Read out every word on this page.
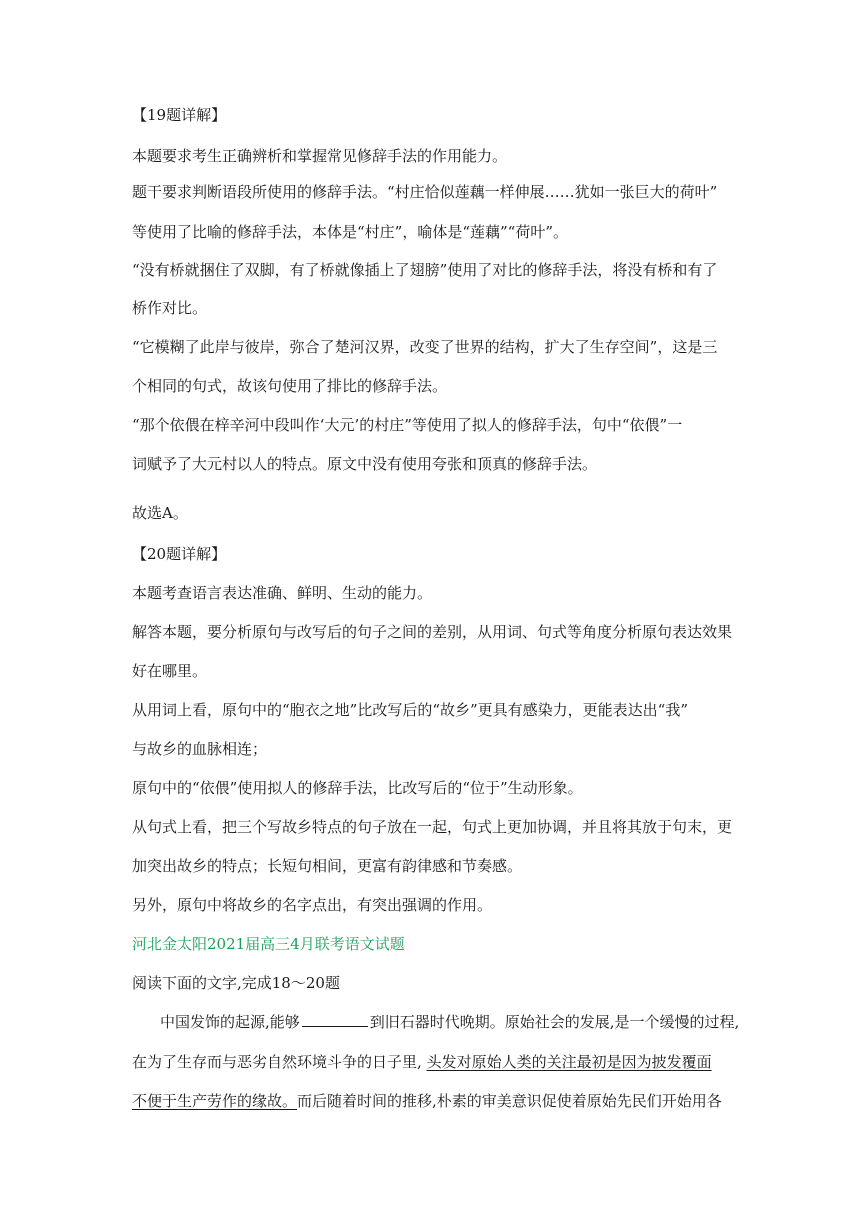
【19题详解】
本题要求考生正确辨析和掌握常见修辞手法的作用能力。
题干要求判断语段所使用的修辞手法。“村庄恰似莲藕一样伸展……犹如一张巨大的荷叶”
等使用了比喻的修辞手法，本体是“村庄”，喻体是“莲藕”“荷叶”。
“没有桥就捆住了双脚，有了桥就像插上了翅膀”使用了对比的修辞手法，将没有桥和有了
桥作对比。
“它模糊了此岸与彼岸，弥合了楚河汉界，改变了世界的结构，扩大了生存空间”，这是三
个相同的句式，故该句使用了排比的修辞手法。
“那个依偎在梓辛河中段叫作‘大元’的村庄”等使用了拟人的修辞手法，句中“依偎”一
词赋予了大元村以人的特点。原文中没有使用夸张和顶真的修辞手法。
故选A。
【20题详解】
本题考查语言表达准确、鲜明、生动的能力。
解答本题，要分析原句与改写后的句子之间的差别，从用词、句式等角度分析原句表达效果
好在哪里。
从用词上看，原句中的“胞衣之地”比改写后的“故乡”更具有感染力，更能表达出“我”
与故乡的血脉相连；
原句中的“依偎”使用拟人的修辞手法，比改写后的“位于”生动形象。
从句式上看，把三个写故乡特点的句子放在一起，句式上更加协调，并且将其放于句末，更
加突出故乡的特点；长短句相间，更富有韵律感和节奏感。
另外，原句中将故乡的名字点出，有突出强调的作用。
河北金太阳2021届高三4月联考语文试题
阅读下面的文字,完成18～20题
中国发饰的起源,能够	到旧石器时代晚期。原始社会的发展,是一个缓慢的过程,
在为了生存而与恶劣自然环境斗争的日子里, 头发对原始人类的关注最初是因为披发覆面
不便于生产劳作的缘故。而后随着时间的推移,朴素的审美意识促使着原始先民们开始用各
